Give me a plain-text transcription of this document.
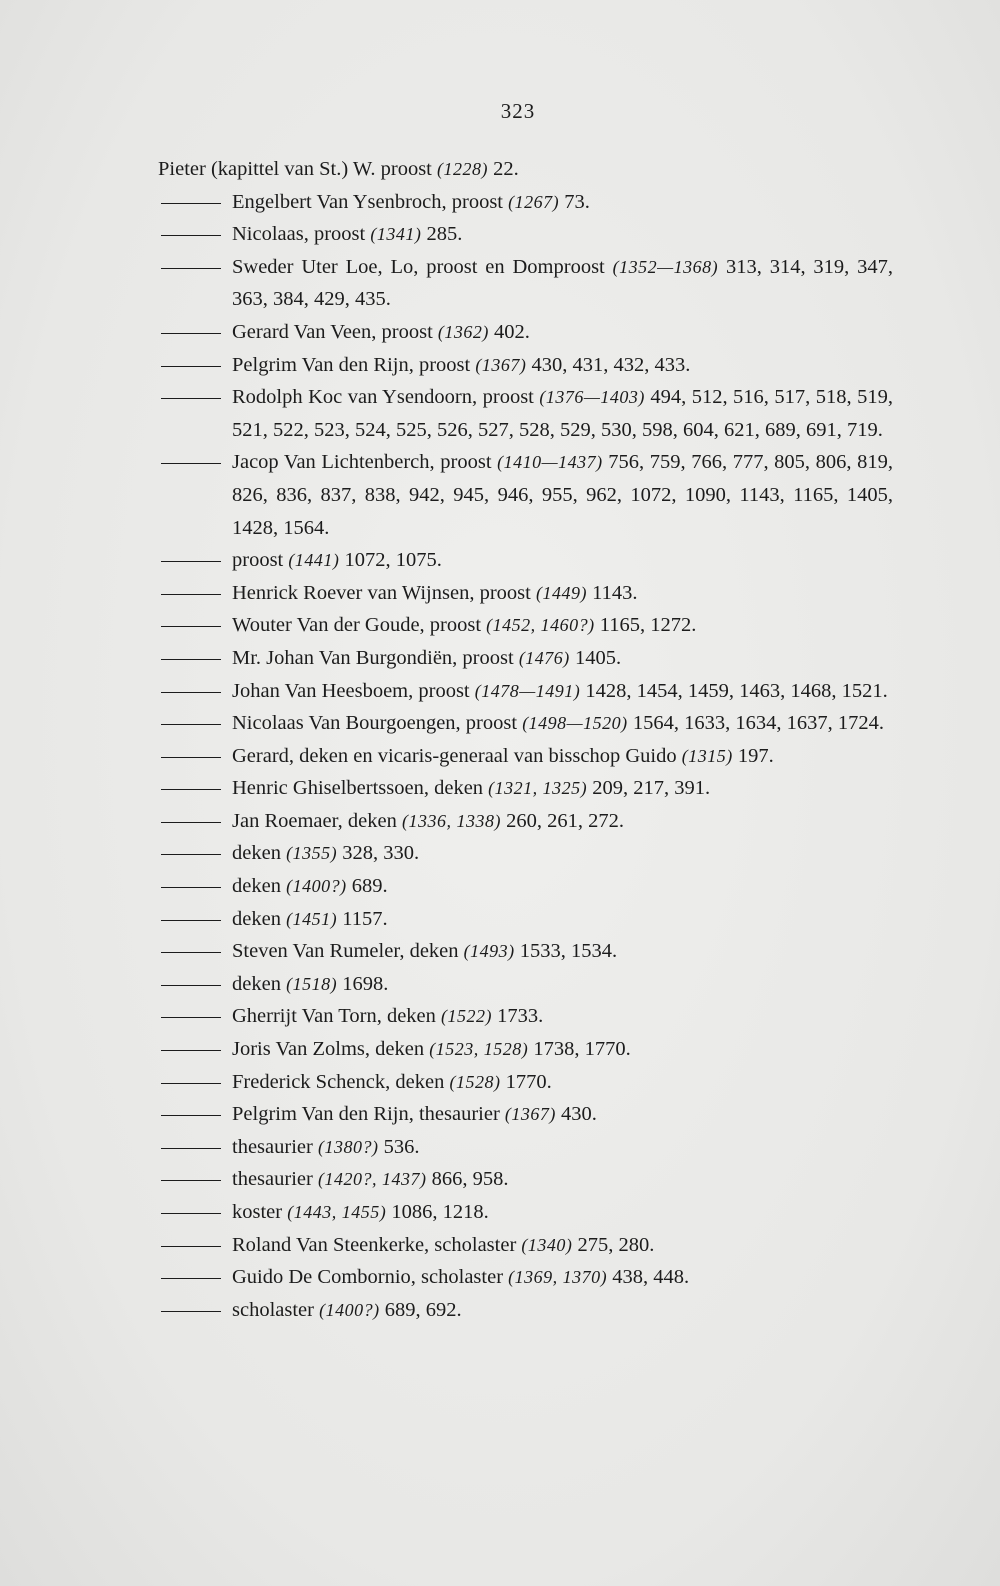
323
Pieter (kapittel van St.) W. proost (1228) 22.
Engelbert Van Ysenbroch, proost (1267) 73.
Nicolaas, proost (1341) 285.
Sweder Uter Loe, Lo, proost en Domproost (1352—1368) 313, 314, 319, 347, 363, 384, 429, 435.
Gerard Van Veen, proost (1362) 402.
Pelgrim Van den Rijn, proost (1367) 430, 431, 432, 433.
Rodolph Koc van Ysendoorn, proost (1376—1403) 494, 512, 516, 517, 518, 519, 521, 522, 523, 524, 525, 526, 527, 528, 529, 530, 598, 604, 621, 689, 691, 719.
Jacop Van Lichtenberch, proost (1410—1437) 756, 759, 766, 777, 805, 806, 819, 826, 836, 837, 838, 942, 945, 946, 955, 962, 1072, 1090, 1143, 1165, 1405, 1428, 1564.
proost (1441) 1072, 1075.
Henrick Roever van Wijnsen, proost (1449) 1143.
Wouter Van der Goude, proost (1452, 1460?) 1165, 1272.
Mr. Johan Van Burgondiën, proost (1476) 1405.
Johan Van Heesboem, proost (1478—1491) 1428, 1454, 1459, 1463, 1468, 1521.
Nicolaas Van Bourgoengen, proost (1498—1520) 1564, 1633, 1634, 1637, 1724.
Gerard, deken en vicaris-generaal van bisschop Guido (1315) 197.
Henric Ghiselbertssoen, deken (1321, 1325) 209, 217, 391.
Jan Roemaer, deken (1336, 1338) 260, 261, 272.
deken (1355) 328, 330.
deken (1400?) 689.
deken (1451) 1157.
Steven Van Rumeler, deken (1493) 1533, 1534.
deken (1518) 1698.
Gherrijt Van Torn, deken (1522) 1733.
Joris Van Zolms, deken (1523, 1528) 1738, 1770.
Frederick Schenck, deken (1528) 1770.
Pelgrim Van den Rijn, thesaurier (1367) 430.
thesaurier (1380?) 536.
thesaurier (1420?, 1437) 866, 958.
koster (1443, 1455) 1086, 1218.
Roland Van Steenkerke, scholaster (1340) 275, 280.
Guido De Combornio, scholaster (1369, 1370) 438, 448.
scholaster (1400?) 689, 692.
